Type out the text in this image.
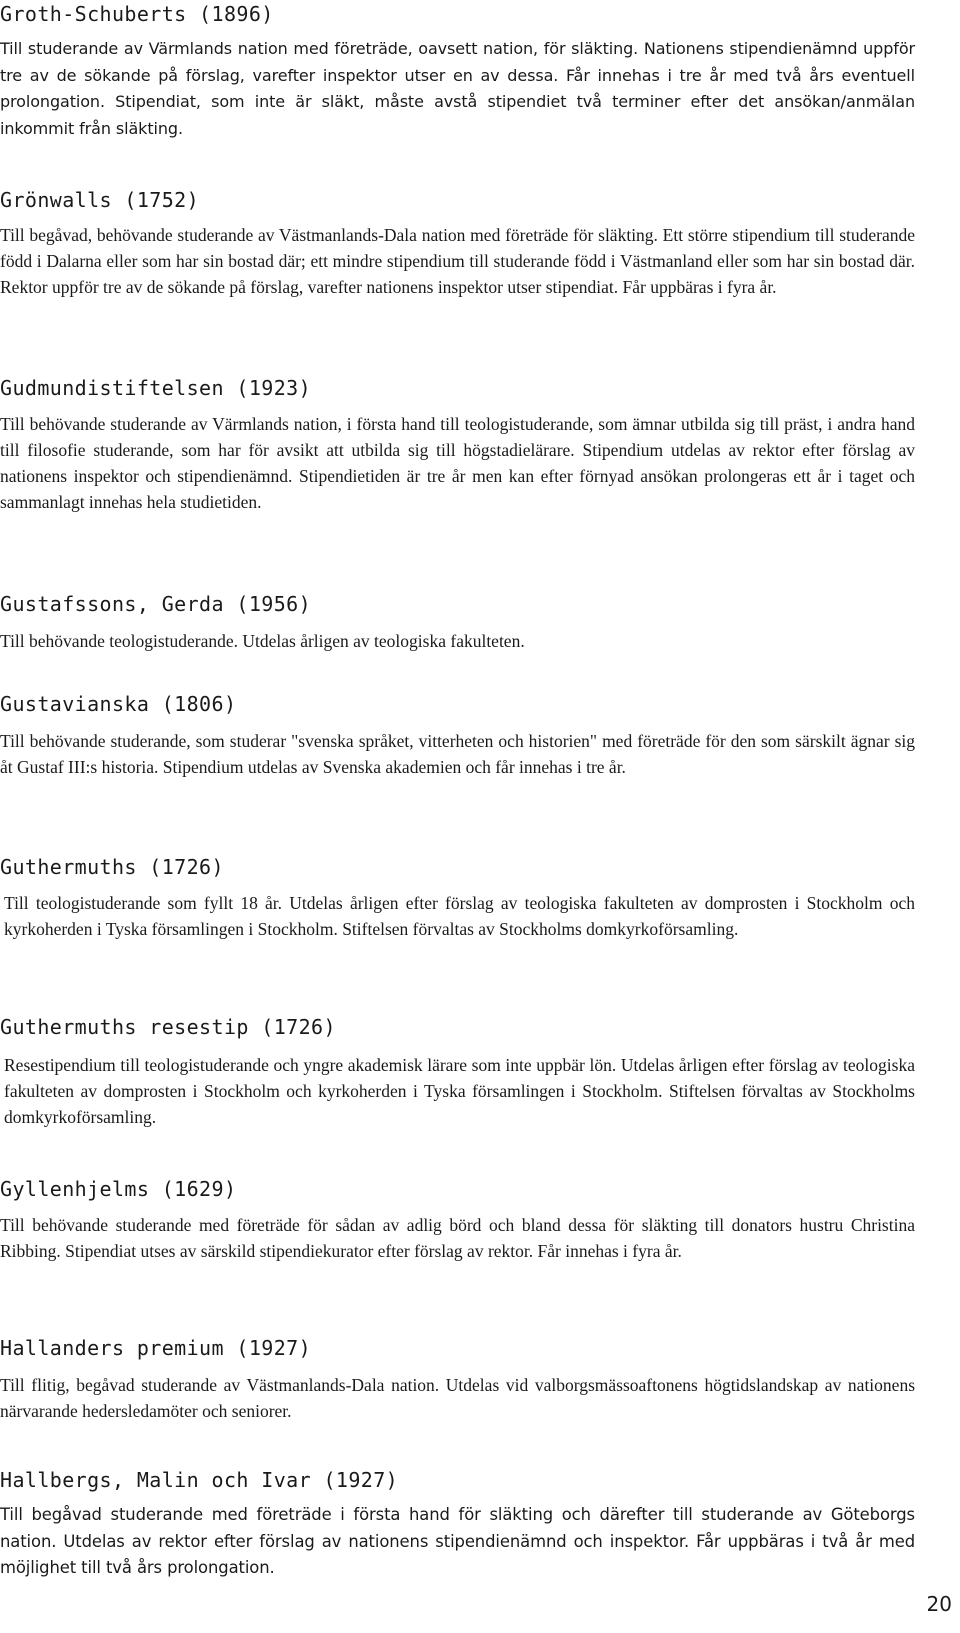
Groth-Schuberts (1896)

Till studerande av Värmlands nation med företräde, oavsett nation, för släkting. Nationens stipendienämnd uppför tre av de sökande på förslag, varefter inspektor utser en av dessa. Får innehas i tre år med två års eventuell prolongation. Stipendiat, som inte är släkt, måste avstå stipendiet två terminer efter det ansökan/anmälan inkommit från släkting.

Grönwalls (1752)

Till begåvad, behövande studerande av Västmanlands-Dala nation med företräde för släkting. Ett större stipendium till studerande född i Dalarna eller som har sin bostad där; ett mindre stipendium till studerande född i Västmanland eller som har sin bostad där. Rektor uppför tre av de sökande på förslag, varefter nationens inspektor utser stipendiat. Får uppbäras i fyra år.

Gudmundistiftelsen (1923)

Till behövande studerande av Värmlands nation, i första hand till teologistuderande, som ämnar utbilda sig till präst, i andra hand till filosofie studerande, som har för avsikt att utbilda sig till högstadielärare. Stipendium utdelas av rektor efter förslag av nationens inspektor och stipendienämnd. Stipendietiden är tre år men kan efter förnyad ansökan prolongeras ett år i taget och sammanlagt innehas hela studietiden.

Gustafssons, Gerda (1956)

Till behövande teologistuderande. Utdelas årligen av teologiska fakulteten.

Gustavianska (1806)

Till behövande studerande, som studerar "svenska språket, vitterheten och historien" med företräde för den som särskilt ägnar sig åt Gustaf III:s historia. Stipendium utdelas av Svenska akademien och får innehas i tre år.

Guthermuths (1726)

Till teologistuderande som fyllt 18 år. Utdelas årligen efter förslag av teologiska fakulteten av domprosten i Stockholm och kyrkoherden i Tyska församlingen i Stockholm. Stiftelsen förvaltas av Stockholms domkyrkoförsamling.

Guthermuths resestip (1726)

Resestipendium till teologistuderande och yngre akademisk lärare som inte uppbär lön. Utdelas årligen efter förslag av teologiska fakulteten av domprosten i Stockholm och kyrkoherden i Tyska församlingen i Stockholm. Stiftelsen förvaltas av Stockholms domkyrkoförsamling.

Gyllenhjelms (1629)

Till behövande studerande med företräde för sådan av adlig börd och bland dessa för släkting till donators hustru Christina Ribbing. Stipendiat utses av särskild stipendiekurator efter förslag av rektor. Får innehas i fyra år.

Hallanders premium (1927)

Till flitig, begåvad studerande av Västmanlands-Dala nation. Utdelas vid valborgsmässoaftonens högtidslandskap av nationens närvarande hedersledamöter och seniorer.

Hallbergs, Malin och Ivar (1927)

Till begåvad studerande med företräde i första hand för släkting och därefter till studerande av Göteborgs nation. Utdelas av rektor efter förslag av nationens stipendienämnd och inspektor. Får uppbäras i två år med möjlighet till två års prolongation.

20
